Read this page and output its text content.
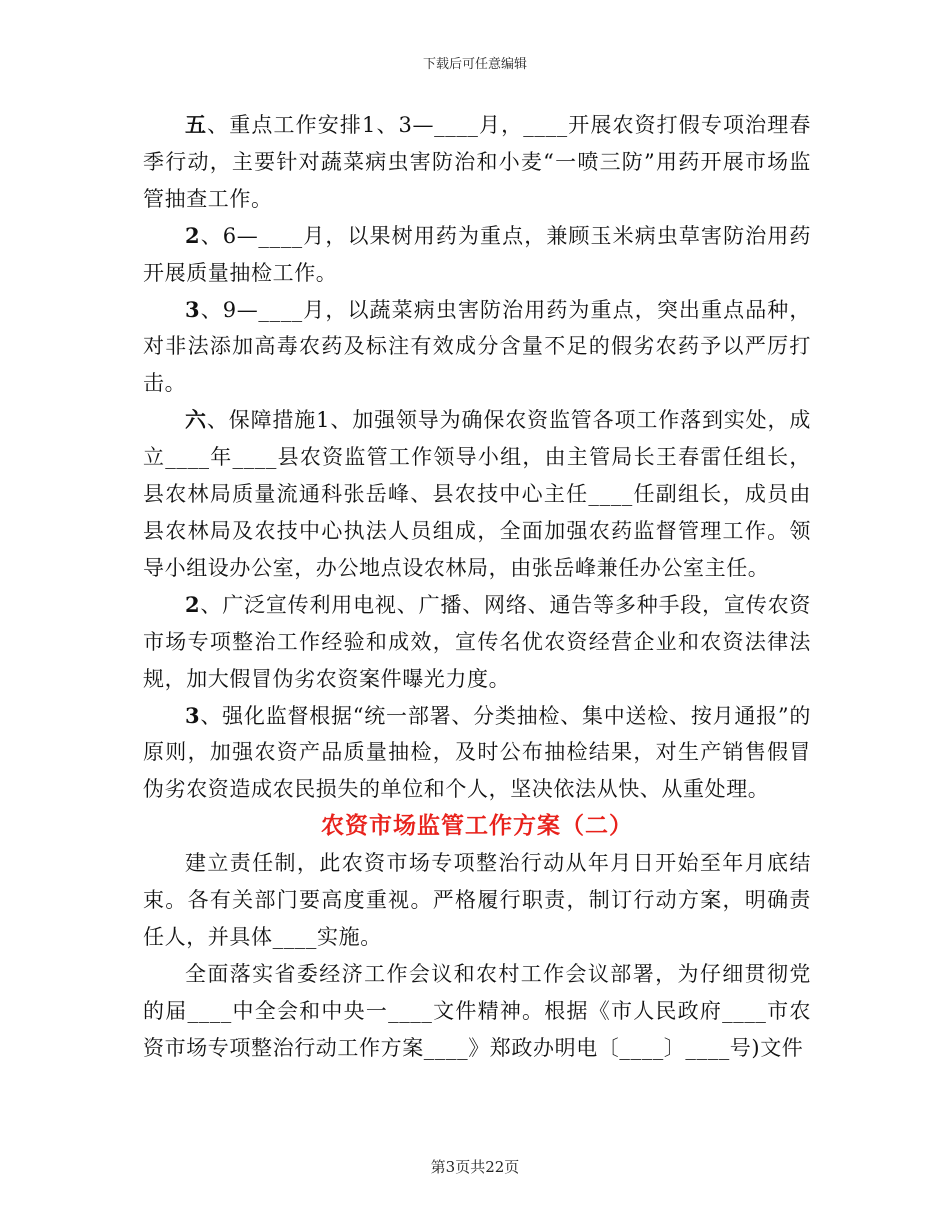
下载后可任意编辑

五、重点工作安排1、3—____月，____开展农资打假专项治理春季行动，主要针对蔬菜病虫害防治和小麦“一喷三防”用药开展市场监管抽查工作。

2、6—____月，以果树用药为重点，兼顾玉米病虫草害防治用药开展质量抽检工作。

3、9—____月，以蔬菜病虫害防治用药为重点，突出重点品种，对非法添加高毒农药及标注有效成分含量不足的假劣农药予以严厉打击。

六、保障措施1、加强领导为确保农资监管各项工作落到实处，成立____年____县农资监管工作领导小组，由主管局长王春雷任组长，县农林局质量流通科张岳峰、县农技中心主任____任副组长，成员由县农林局及农技中心执法人员组成，全面加强农药监督管理工作。领导小组设办公室，办公地点设农林局，由张岳峰兼任办公室主任。

2、广泛宣传利用电视、广播、网络、通告等多种手段，宣传农资市场专项整治工作经验和成效，宣传名优农资经营企业和农资法律法规，加大假冒伪劣农资案件曝光力度。

3、强化监督根据“统一部署、分类抽检、集中送检、按月通报”的原则，加强农资产品质量抽检，及时公布抽检结果，对生产销售假冒伪劣农资造成农民损失的单位和个人，坚决依法从快、从重处理。

农资市场监管工作方案（二）

建立责任制，此农资市场专项整治行动从年月日开始至年月底结束。各有关部门要高度重视。严格履行职责，制订行动方案，明确责任人，并具体____实施。

全面落实省委经济工作会议和农村工作会议部署，为仔细贯彻党的届____中全会和中央一____文件精神。根据《市人民政府____市农资市场专项整治行动工作方案____》郑政办明电〔____〕____号)文件

第3页共22页
